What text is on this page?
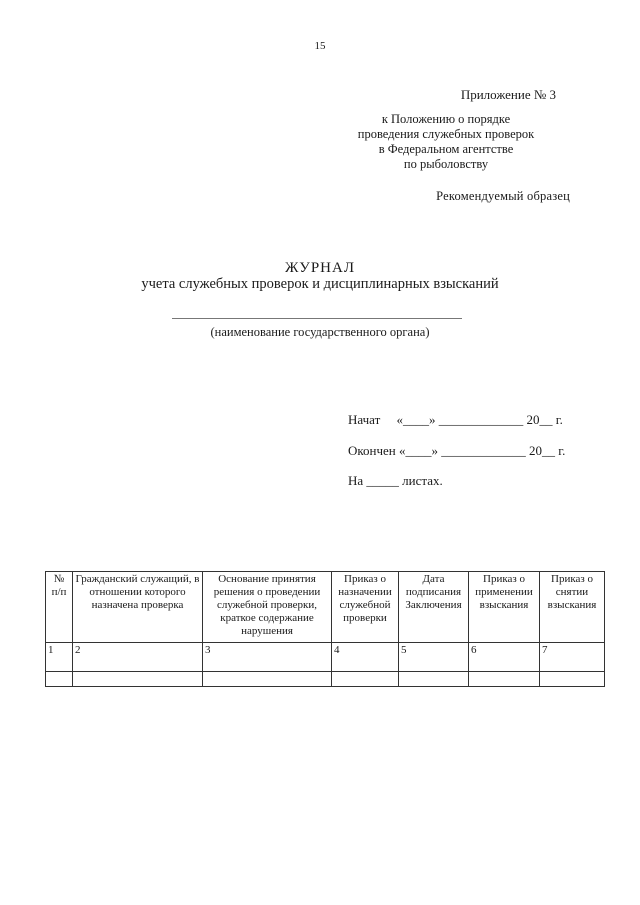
15
Приложение № 3
к Положению о порядке
проведения служебных проверок
в Федеральном агентстве
по рыболовству
Рекомендуемый образец
ЖУРНАЛ
учета служебных проверок и дисциплинарных взысканий
(наименование государственного органа)
Начат     «____» _____________ 20__ г.
Окончен «____» _____________ 20__ г.
На _____ листах.
№ п/п	Гражданский служащий, в отношении которого назначена проверка	Основание принятия решения о проведении служебной проверки, краткое содержание нарушения	Приказ о назначении служебной проверки	Дата подписания Заключения	Приказ о применении взыскания	Приказ о снятии взыскания
1	2	3	4	5	6	7
